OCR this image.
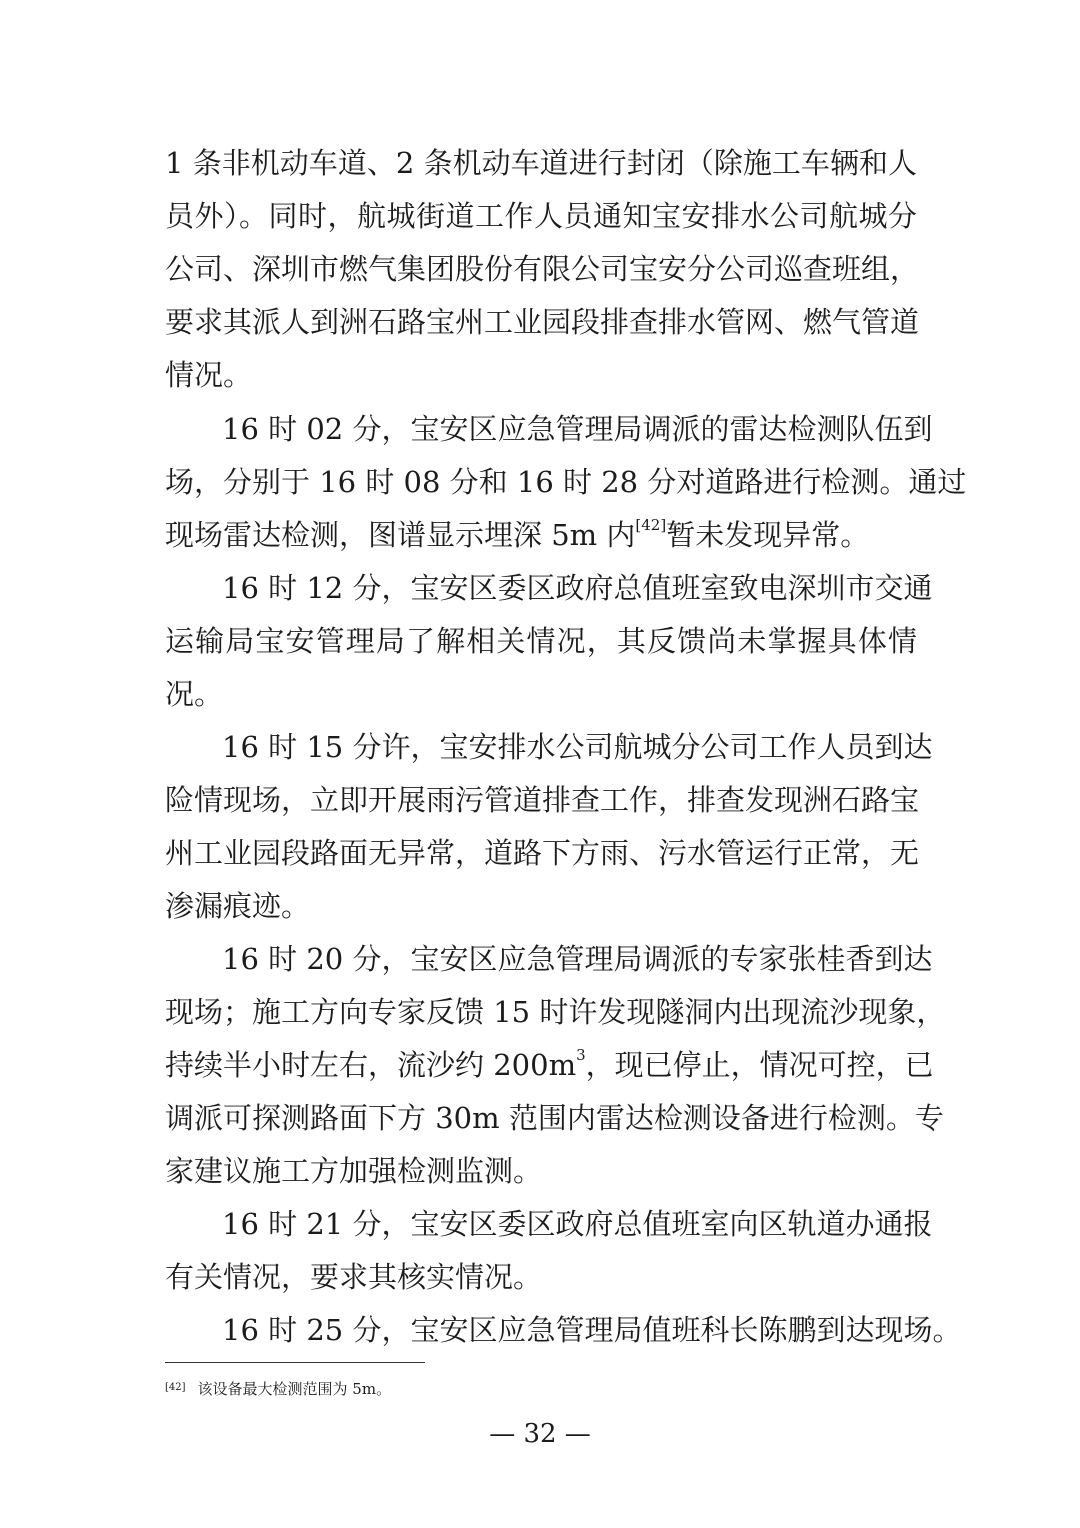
1 条非机动车道、2 条机动车道进行封闭（除施工车辆和人
员外）。同时，航城街道工作人员通知宝安排水公司航城分
公司、深圳市燃气集团股份有限公司宝安分公司巡查班组，
要求其派人到洲石路宝州工业园段排查排水管网、燃气管道
情况。
16 时 02 分，宝安区应急管理局调派的雷达检测队伍到
场，分别于 16 时 08 分和 16 时 28 分对道路进行检测。通过
现场雷达检测，图谱显示埋深 5m 内[42]暂未发现异常。
16 时 12 分，宝安区委区政府总值班室致电深圳市交通
运输局宝安管理局了解相关情况，其反馈尚未掌握具体情
况。
16 时 15 分许，宝安排水公司航城分公司工作人员到达
险情现场，立即开展雨污管道排查工作，排查发现洲石路宝
州工业园段路面无异常，道路下方雨、污水管运行正常，无
渗漏痕迹。
16 时 20 分，宝安区应急管理局调派的专家张桂香到达
现场；施工方向专家反馈 15 时许发现隧洞内出现流沙现象，
持续半小时左右，流沙约 $200m^3$，现已停止，情况可控，已
调派可探测路面下方 30m 范围内雷达检测设备进行检测。专
家建议施工方加强检测监测。
16 时 21 分，宝安区委区政府总值班室向区轨道办通报
有关情况，要求其核实情况。
16 时 25 分，宝安区应急管理局值班科长陈鹏到达现场。
[42] 该设备最大检测范围为 5m。
— 32 —
